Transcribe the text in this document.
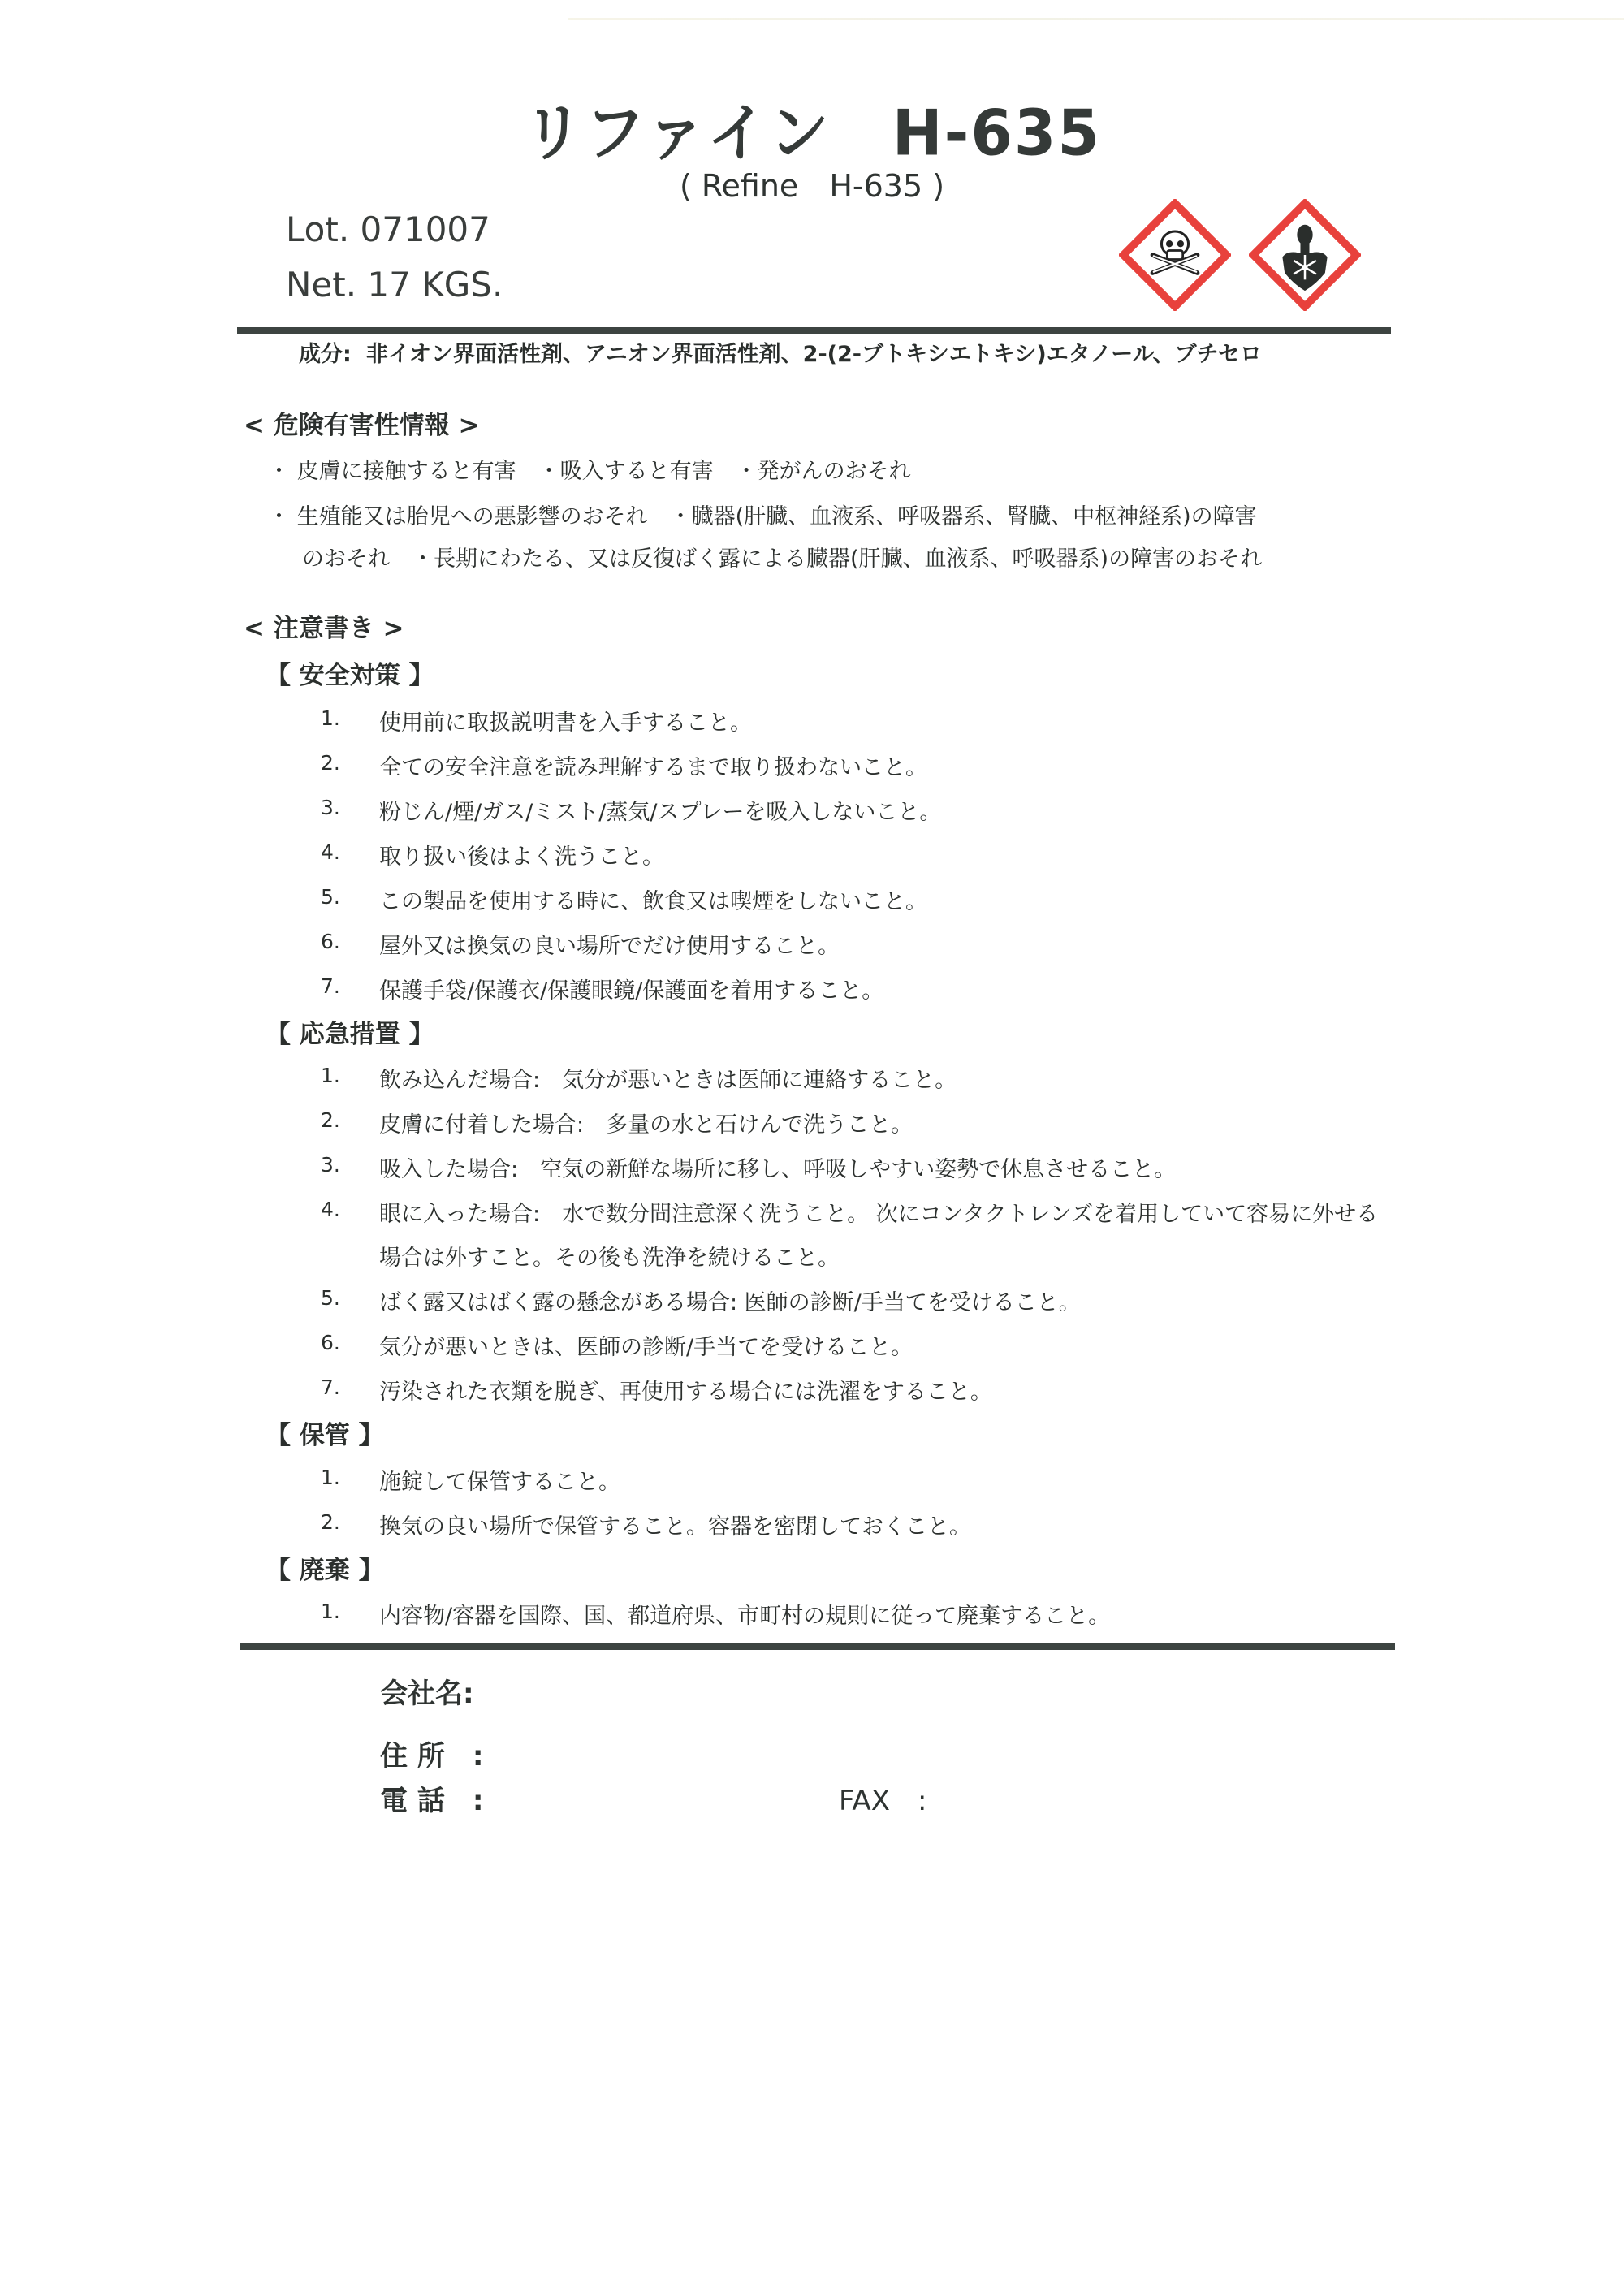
リファイン　H-635
( Refine　H-635 )
Lot. 071007
Net. 17 KGS.
成分: 非イオン界面活性剤、アニオン界面活性剤、2-(2-ブトキシエトキシ)エタノール、ブチセロ
< 危険有害性情報 >
・ 皮膚に接触すると有害　・吸入すると有害　・発がんのおそれ
・ 生殖能又は胎児への悪影響のおそれ　・臓器(肝臓、血液系、呼吸器系、腎臓、中枢神経系)の障害
のおそれ　・長期にわたる、又は反復ばく露による臓器(肝臓、血液系、呼吸器系)の障害のおそれ
< 注意書き >
【 安全対策 】
1. 使用前に取扱説明書を入手すること。
2. 全ての安全注意を読み理解するまで取り扱わないこと。
3. 粉じん/煙/ガス/ミスト/蒸気/スプレーを吸入しないこと。
4. 取り扱い後はよく洗うこと。
5. この製品を使用する時に、飲食又は喫煙をしないこと。
6. 屋外又は換気の良い場所でだけ使用すること。
7. 保護手袋/保護衣/保護眼鏡/保護面を着用すること。
【 応急措置 】
1. 飲み込んだ場合:　気分が悪いときは医師に連絡すること。
2. 皮膚に付着した場合:　多量の水と石けんで洗うこと。
3. 吸入した場合:　空気の新鮮な場所に移し、呼吸しやすい姿勢で休息させること。
4. 眼に入った場合:　水で数分間注意深く洗うこと。 次にコンタクトレンズを着用していて容易に外せる
場合は外すこと。その後も洗浄を続けること。
5. ばく露又はばく露の懸念がある場合: 医師の診断/手当てを受けること。
6. 気分が悪いときは、医師の診断/手当てを受けること。
7. 汚染された衣類を脱ぎ、再使用する場合には洗濯をすること。
【 保管 】
1. 施錠して保管すること。
2. 換気の良い場所で保管すること。容器を密閉しておくこと。
【 廃棄 】
1. 内容物/容器を国際、国、都道府県、市町村の規則に従って廃棄すること。
会社名:
住 所　:
電 話　:	FAX　:
